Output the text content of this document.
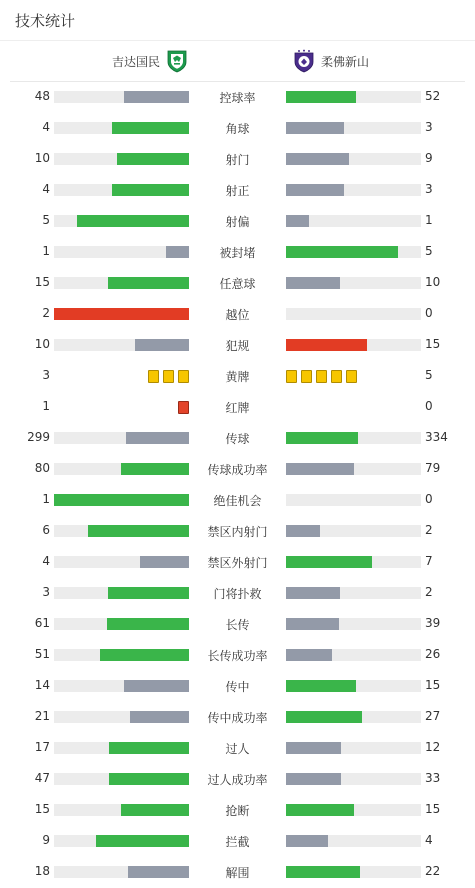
技术统计
吉达国民	柔佛新山
48	控球率	52
4	角球	3
10	射门	9
4	射正	3
5	射偏	1
1	被封堵	5
15	任意球	10
2	越位	0
10	犯规	15
3	黄牌	5
1	红牌	0
299	传球	334
80	传球成功率	79
1	绝佳机会	0
6	禁区内射门	2
4	禁区外射门	7
3	门将扑救	2
61	长传	39
51	长传成功率	26
14	传中	15
21	传中成功率	27
17	过人	12
47	过人成功率	33
15	抢断	15
9	拦截	4
18	解围	22
